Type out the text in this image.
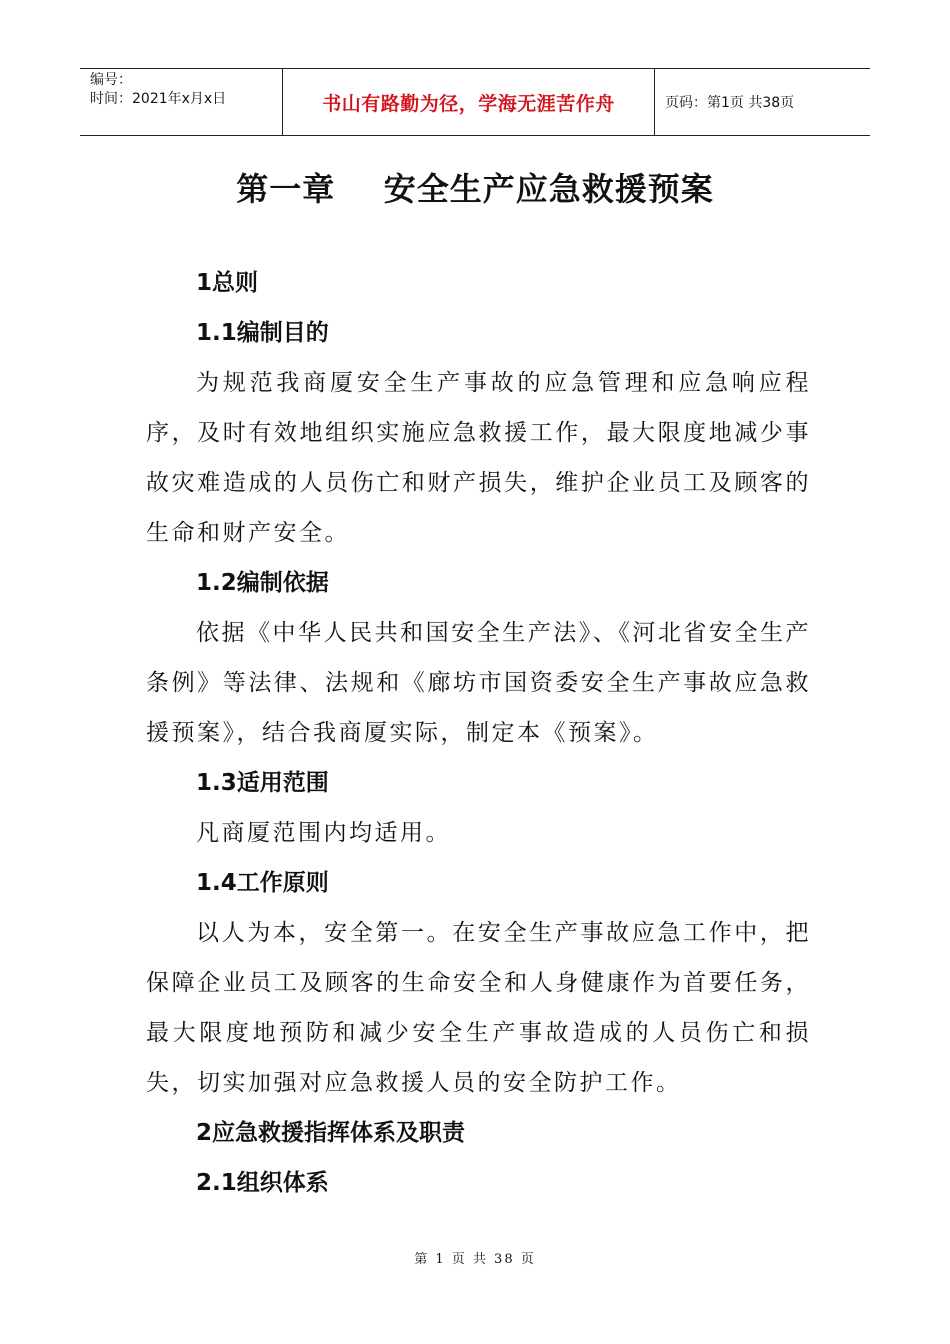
编号：
时间：2021年x月x日	书山有路勤为径，学海无涯苦作舟	页码：第1页 共38页
第一章    安全生产应急救援预案

1总则

1.1编制目的

为规范我商厦安全生产事故的应急管理和应急响应程序，及时有效地组织实施应急救援工作，最大限度地减少事故灾难造成的人员伤亡和财产损失，维护企业员工及顾客的生命和财产安全。

1.2编制依据

依据《中华人民共和国安全生产法》、《河北省安全生产条例》等法律、法规和《廊坊市国资委安全生产事故应急救援预案》，结合我商厦实际，制定本《预案》。

1.3适用范围

凡商厦范围内均适用。

1.4工作原则

以人为本，安全第一。在安全生产事故应急工作中，把保障企业员工及顾客的生命安全和人身健康作为首要任务，最大限度地预防和减少安全生产事故造成的人员伤亡和损失，切实加强对应急救援人员的安全防护工作。

2应急救援指挥体系及职责

2.1组织体系

第 1 页 共 38 页
